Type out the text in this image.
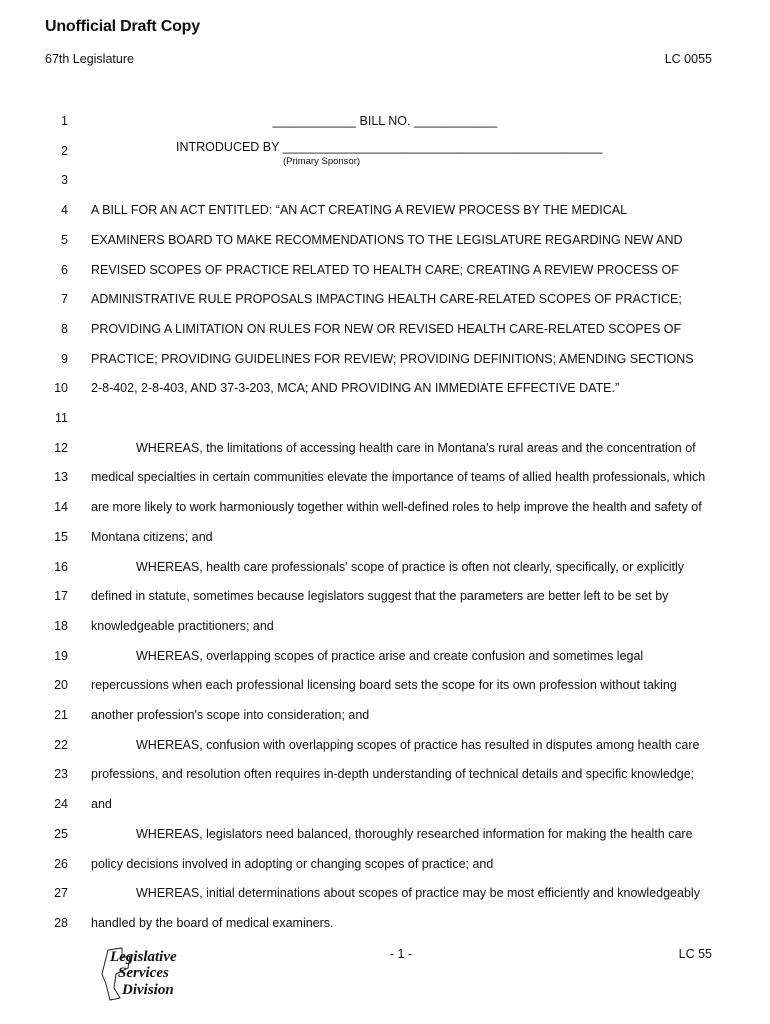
Unofficial Draft Copy
67th Legislature	LC 0055
1
2
3
4 A BILL FOR AN ACT ENTITLED: “AN ACT CREATING A REVIEW PROCESS BY THE MEDICAL
5 EXAMINERS BOARD TO MAKE RECOMMENDATIONS TO THE LEGISLATURE REGARDING NEW AND
6 REVISED SCOPES OF PRACTICE RELATED TO HEALTH CARE; CREATING A REVIEW PROCESS OF
7 ADMINISTRATIVE RULE PROPOSALS IMPACTING HEALTH CARE-RELATED SCOPES OF PRACTICE;
8 PROVIDING A LIMITATION ON RULES FOR NEW OR REVISED HEALTH CARE-RELATED SCOPES OF
9 PRACTICE; PROVIDING GUIDELINES FOR REVIEW; PROVIDING DEFINITIONS; AMENDING SECTIONS
10 2-8-402, 2-8-403, AND 37-3-203, MCA; AND PROVIDING AN IMMEDIATE EFFECTIVE DATE.”
11
12	WHEREAS, the limitations of accessing health care in Montana's rural areas and the concentration of
13 medical specialties in certain communities elevate the importance of teams of allied health professionals, which
14 are more likely to work harmoniously together within well-defined roles to help improve the health and safety of
15 Montana citizens; and
16	WHEREAS, health care professionals' scope of practice is often not clearly, specifically, or explicitly
17 defined in statute, sometimes because legislators suggest that the parameters are better left to be set by
18 knowledgeable practitioners; and
19	WHEREAS, overlapping scopes of practice arise and create confusion and sometimes legal
20 repercussions when each professional licensing board sets the scope for its own profession without taking
21 another profession's scope into consideration; and
22	WHEREAS, confusion with overlapping scopes of practice has resulted in disputes among health care
23 professions, and resolution often requires in-depth understanding of technical details and specific knowledge;
24 and
25	WHEREAS, legislators need balanced, thoroughly researched information for making the health care
26 policy decisions involved in adopting or changing scopes of practice; and
27	WHEREAS, initial determinations about scopes of practice may be most efficiently and knowledgeably
28 handled by the board of medical examiners.
____________ BILL NO. ____________
INTRODUCED BY ______________________________________________
(Primary Sponsor)
Legislative
Services
Division
- 1 -	LC 55
